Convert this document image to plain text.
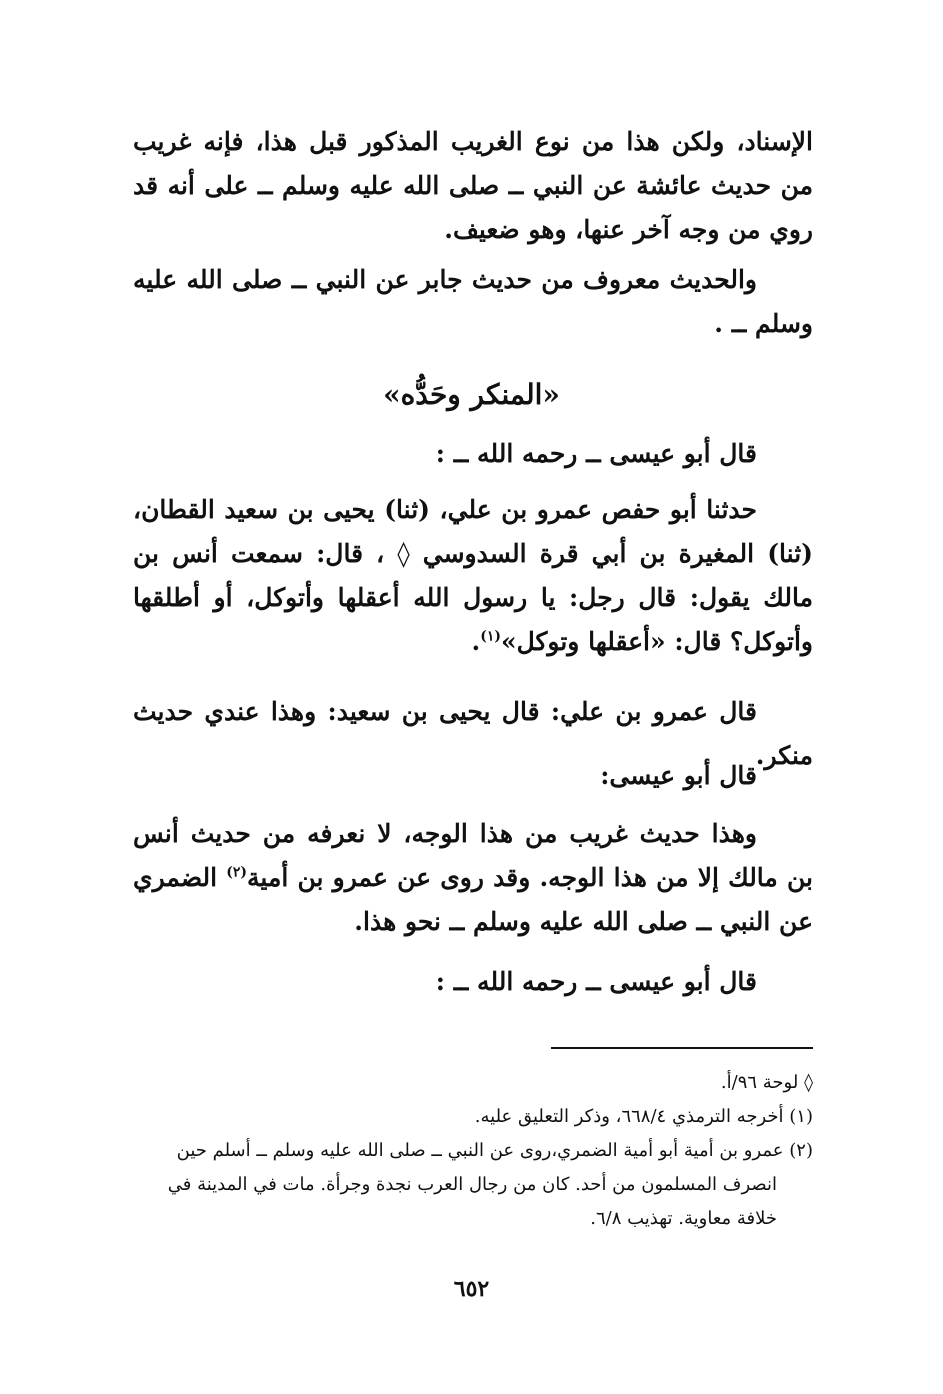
الإسناد، ولكن هذا من نوع الغريب المذكور قبل هذا، فإنه غريب من حديث عائشة عن النبي ــ صلى الله عليه وسلم ــ على أنه قد روي من وجه آخر عنها، وهو ضعيف.

والحديث معروف من حديث جابر عن النبي ــ صلى الله عليه وسلم ــ .

«المنكر وحَدُّه»

قال أبو عيسى ــ رحمه الله ــ :

حدثنا أبو حفص عمرو بن علي، (ثنا) يحيى بن سعيد القطان، (ثنا) المغيرة بن أبي قرة السدوسي ◊ ، قال: سمعت أنس بن مالك يقول: قال رجل: يا رسول الله أعقلها وأتوكل، أو أطلقها وأتوكل؟ قال: «أعقلها وتوكل»$^{(١)}$.

قال عمرو بن علي: قال يحيى بن سعيد: وهذا عندي حديث منكر.

قال أبو عيسى:

وهذا حديث غريب من هذا الوجه، لا نعرفه من حديث أنس بن مالك إلا من هذا الوجه. وقد روى عن عمرو بن أمية$^{(٢)}$ الضمري عن النبي ــ صلى الله عليه وسلم ــ نحو هذا.

قال أبو عيسى ــ رحمه الله ــ :

◊ لوحة ٩٦/أ.

(١) أخرجه الترمذي ٦٦٨/٤، وذكر التعليق عليه.

(٢) عمرو بن أمية أبو أمية الضمري،روى عن النبي ــ صلى الله عليه وسلم ــ أسلم حين

انصرف المسلمون من أحد. كان من رجال العرب نجدة وجرأة. مات في المدينة في

خلافة معاوية. تهذيب ٦/٨.

٦٥٢
